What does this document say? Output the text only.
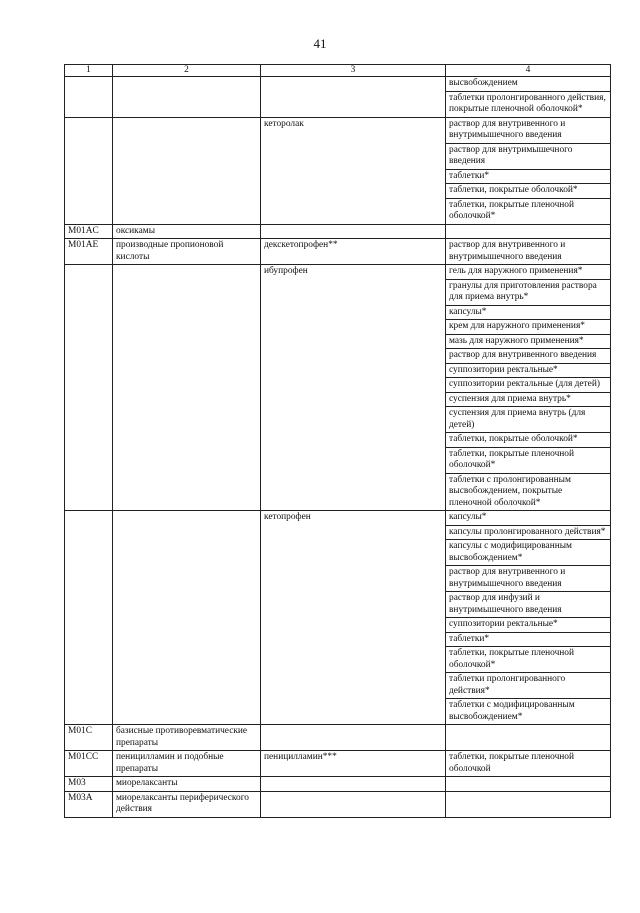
41
1	2	3	4
			высвобождением
			таблетки пролонгированного действия, покрытые пленочной оболочкой*
		кеторолак	раствор для внутривенного и внутримышечного введения
			раствор для внутримышечного введения
			таблетки*
			таблетки, покрытые оболочкой*
			таблетки, покрытые пленочной оболочкой*
M01AC	оксикамы		
M01AE	производные пропионовой кислоты	декскетопрофен**	раствор для внутривенного и внутримышечного введения
		ибупрофен	гель для наружного применения*
			гранулы для приготовления раствора для приема внутрь*
			капсулы*
			крем для наружного применения*
			мазь для наружного применения*
			раствор для внутривенного введения
			суппозитории ректальные*
			суппозитории ректальные (для детей)
			суспензия для приема внутрь*
			суспензия для приема внутрь (для детей)
			таблетки, покрытые оболочкой*
			таблетки, покрытые пленочной оболочкой*
			таблетки с пролонгированным высвобождением, покрытые пленочной оболочкой*
		кетопрофен	капсулы*
			капсулы пролонгированного действия*
			капсулы с модифицированным высвобождением*
			раствор для внутривенного и внутримышечного введения
			раствор для инфузий и внутримышечного введения
			суппозитории ректальные*
			таблетки*
			таблетки, покрытые пленочной оболочкой*
			таблетки пролонгированного действия*
			таблетки с модифицированным высвобождением*
M01C	базисные противоревматические препараты		
M01CC	пеницилламин и подобные препараты	пеницилламин***	таблетки, покрытые пленочной оболочкой
M03	миорелаксанты		
M03A	миорелаксанты периферического действия		
